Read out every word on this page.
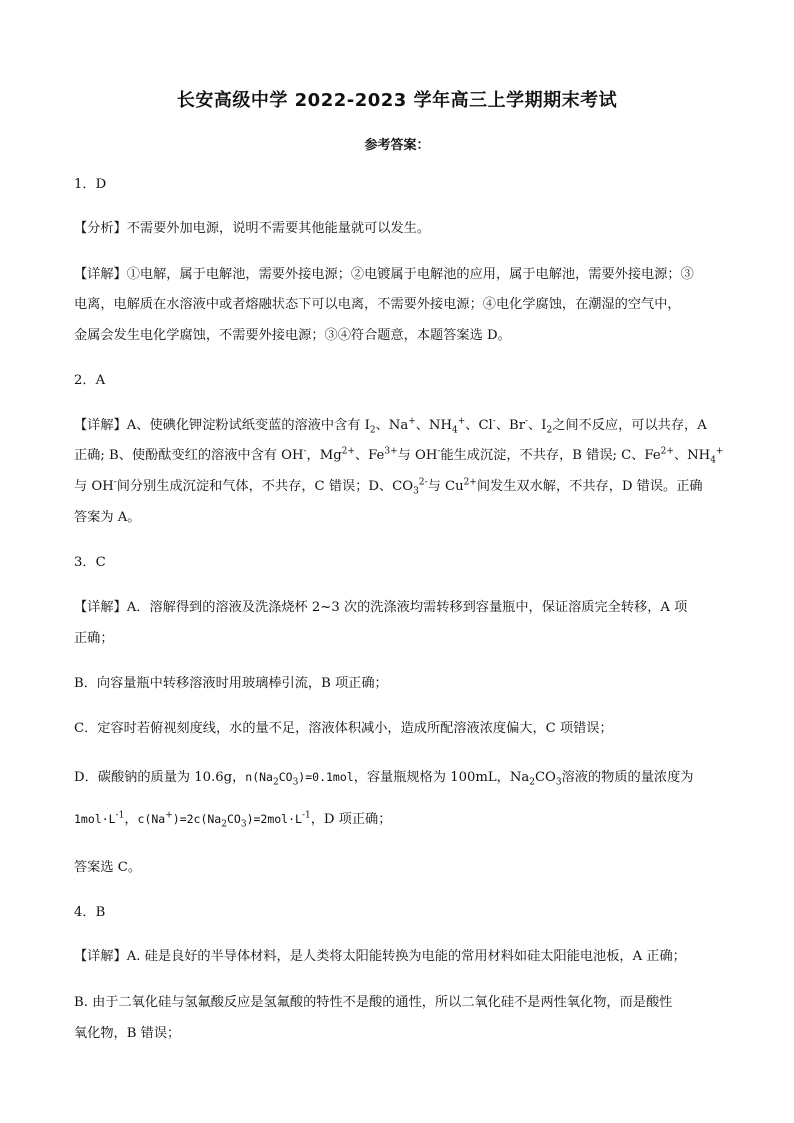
长安高级中学 2022-2023 学年高三上学期期末考试
参考答案：
1．D
【分析】不需要外加电源，说明不需要其他能量就可以发生。
【详解】①电解，属于电解池，需要外接电源；②电镀属于电解池的应用，属于电解池，需要外接电源；③
电离，电解质在水溶液中或者熔融状态下可以电离，不需要外接电源；④电化学腐蚀，在潮湿的空气中，
金属会发生电化学腐蚀，不需要外接电源；③④符合题意，本题答案选 D。
2．A
【详解】A、使碘化钾淀粉试纸变蓝的溶液中含有 $I_2$、Na+、$NH_4^+$、Cl-、Br-、$I_2$之间不反应，可以共存，A
正确; B、使酚酞变红的溶液中含有 OH-，$Mg^{2+}$、$Fe^{3+}$与 OH-能生成沉淀，不共存，B 错误; C、$Fe^{2+}$、$NH_4^+$
与 OH-间分别生成沉淀和气体，不共存，C 错误；D、$CO_3^{2-}$与 $Cu^{2+}$间发生双水解，不共存，D 错误。正确
答案为 A。
3．C
【详解】A．溶解得到的溶液及洗涤烧杯 2~3 次的洗涤液均需转移到容量瓶中，保证溶质完全转移，A 项
正确；
B．向容量瓶中转移溶液时用玻璃棒引流，B 项正确；
C．定容时若俯视刻度线，水的量不足，溶液体积减小，造成所配溶液浓度偏大，C 项错误；
D．碳酸钠的质量为 10.6g，$n(Na_2CO_3)=0.1mol$，容量瓶规格为 100mL，$Na_2CO_3$溶液的物质的量浓度为
$1mol\cdot L^{-1}$，$c(Na^+)=2c(Na_2CO_3)=2mol\cdot L^{-1}$，D 项正确；
答案选 C。
4．B
【详解】A. 硅是良好的半导体材料，是人类将太阳能转换为电能的常用材料如硅太阳能电池板，A 正确；
B. 由于二氧化硅与氢氟酸反应是氢氟酸的特性不是酸的通性，所以二氧化硅不是两性氧化物，而是酸性
氧化物，B 错误；
